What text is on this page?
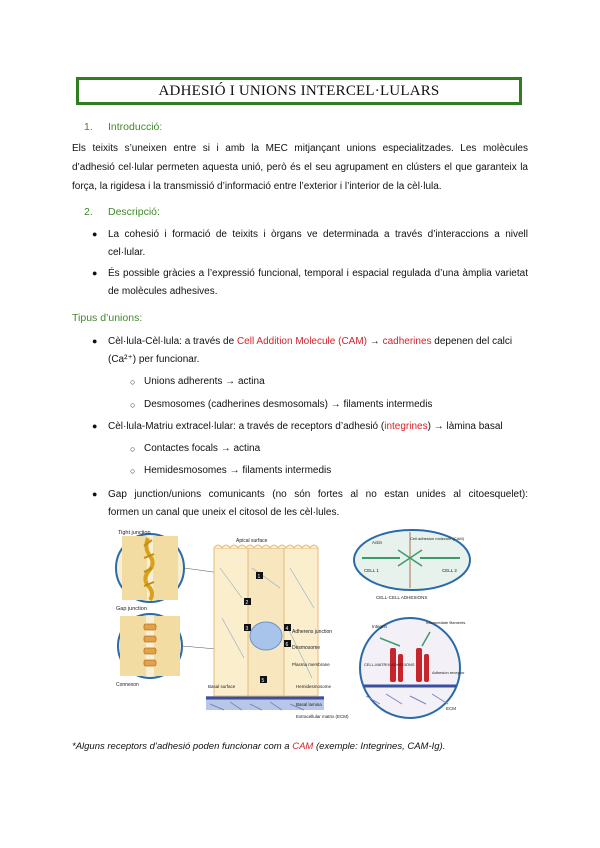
ADHESIÓ I UNIONS INTERCEL·LULARS
1. Introducció:
Els teixits s’uneixen entre si i amb la MEC mitjançant unions especialitzades. Les molècules
d’adhesió cel·lular permeten aquesta unió, però és el seu agrupament en clústers el que garanteix la
força, la rigidesa i la transmissió d’informació entre l’exterior i l’interior de la cèl·lula.
2. Descripció:
● La cohesió i formació de teixits i òrgans ve determinada a través d’interaccions a nivell
cel·lular.
● És possible gràcies a l’expressió funcional, temporal i espacial regulada d’una àmplia varietat
de molècules adhesives.
Tipus d’unions:
● Cèl·lula-Cèl·lula: a través de Cell Addition Molecule (CAM) → cadherines depenen del calci
(Ca²⁺) per funcionar.
○ Unions adherents → actina
○ Desmosomes (cadherines desmosomals) → filaments intermedis
● Cèl·lula-Matriu extracel·lular: a través de receptors d’adhesió (integrines) → làmina basal
○ Contactes focals → actina
○ Hemidesmosomes → filaments intermedis
● Gap junction/unions comunicants (no són fortes al no estan unides al citoesquelet):
formen un canal que uneix el citosol de les cèl·lules.
Tight junction
Gap junction
Connexon
Apical surface
Adherens junction
Desmosome
Plasma membrane
Basal surface	Hemidesmosome
Basal lamina
Extracellular matrix (ECM)
1
2
3	4
5
6
Actin
Cell adhesion molecule (CAM)
CELL 1	CELL 2
CELL-CELL ADHESIONS
Integrin
Intermediate filaments
Adhesion receptor
CELL-MATRIX ADHESIONS
ECM
*Alguns receptors d’adhesió poden funcionar com a CAM (exemple: Integrines, CAM-Ig).
